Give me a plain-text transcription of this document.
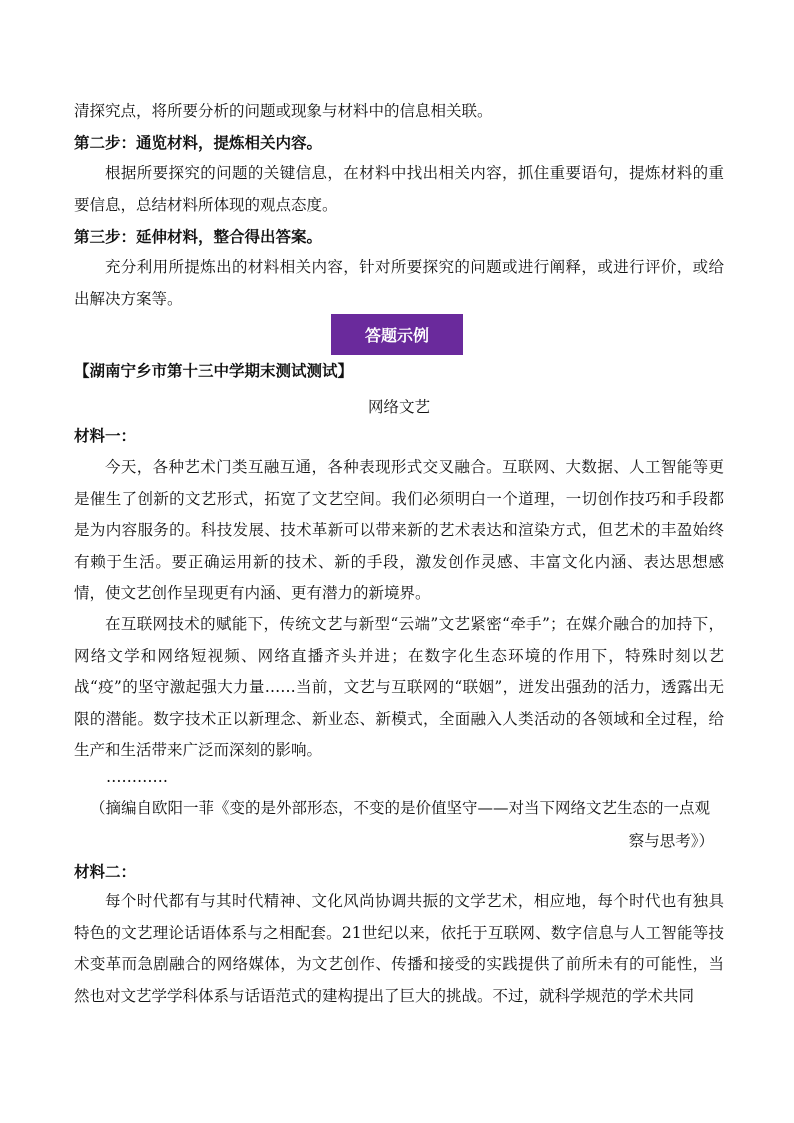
清探究点，将所要分析的问题或现象与材料中的信息相关联。
第二步：通览材料，提炼相关内容。

根据所要探究的问题的关键信息，在材料中找出相关内容，抓住重要语句，提炼材料的重要信息，总结材料所体现的观点态度。

第三步：延伸材料，整合得出答案。

充分利用所提炼出的材料相关内容，针对所要探究的问题或进行阐释，或进行评价，或给出解决方案等。

答题示例
【湖南宁乡市第十三中学期末测试测试】
网络文艺
材料一：

今天，各种艺术门类互融互通，各种表现形式交叉融合。互联网、大数据、人工智能等更是催生了创新的文艺形式，拓宽了文艺空间。我们必须明白一个道理，一切创作技巧和手段都是为内容服务的。科技发展、技术革新可以带来新的艺术表达和渲染方式，但艺术的丰盈始终有赖于生活。要正确运用新的技术、新的手段，激发创作灵感、丰富文化内涵、表达思想感情，使文艺创作呈现更有内涵、更有潜力的新境界。

在互联网技术的赋能下，传统文艺与新型“云端”文艺紧密“牵手”；在媒介融合的加持下，网络文学和网络短视频、网络直播齐头并进；在数字化生态环境的作用下，特殊时刻以艺战“疫”的坚守激起强大力量……当前，文艺与互联网的“联姻”，迸发出强劲的活力，透露出无限的潜能。数字技术正以新理念、新业态、新模式，全面融入人类活动的各领域和全过程，给生产和生活带来广泛而深刻的影响。

…………
（摘编自欧阳一菲《变的是外部形态，不变的是价值坚守——对当下网络文艺生态的一点观
察与思考》）
材料二：

每个时代都有与其时代精神、文化风尚协调共振的文学艺术，相应地，每个时代也有独具特色的文艺理论话语体系与之相配套。21世纪以来，依托于互联网、数字信息与人工智能等技术变革而急剧融合的网络媒体，为文艺创作、传播和接受的实践提供了前所未有的可能性，当然也对文艺学学科体系与话语范式的建构提出了巨大的挑战。不过，就科学规范的学术共同
